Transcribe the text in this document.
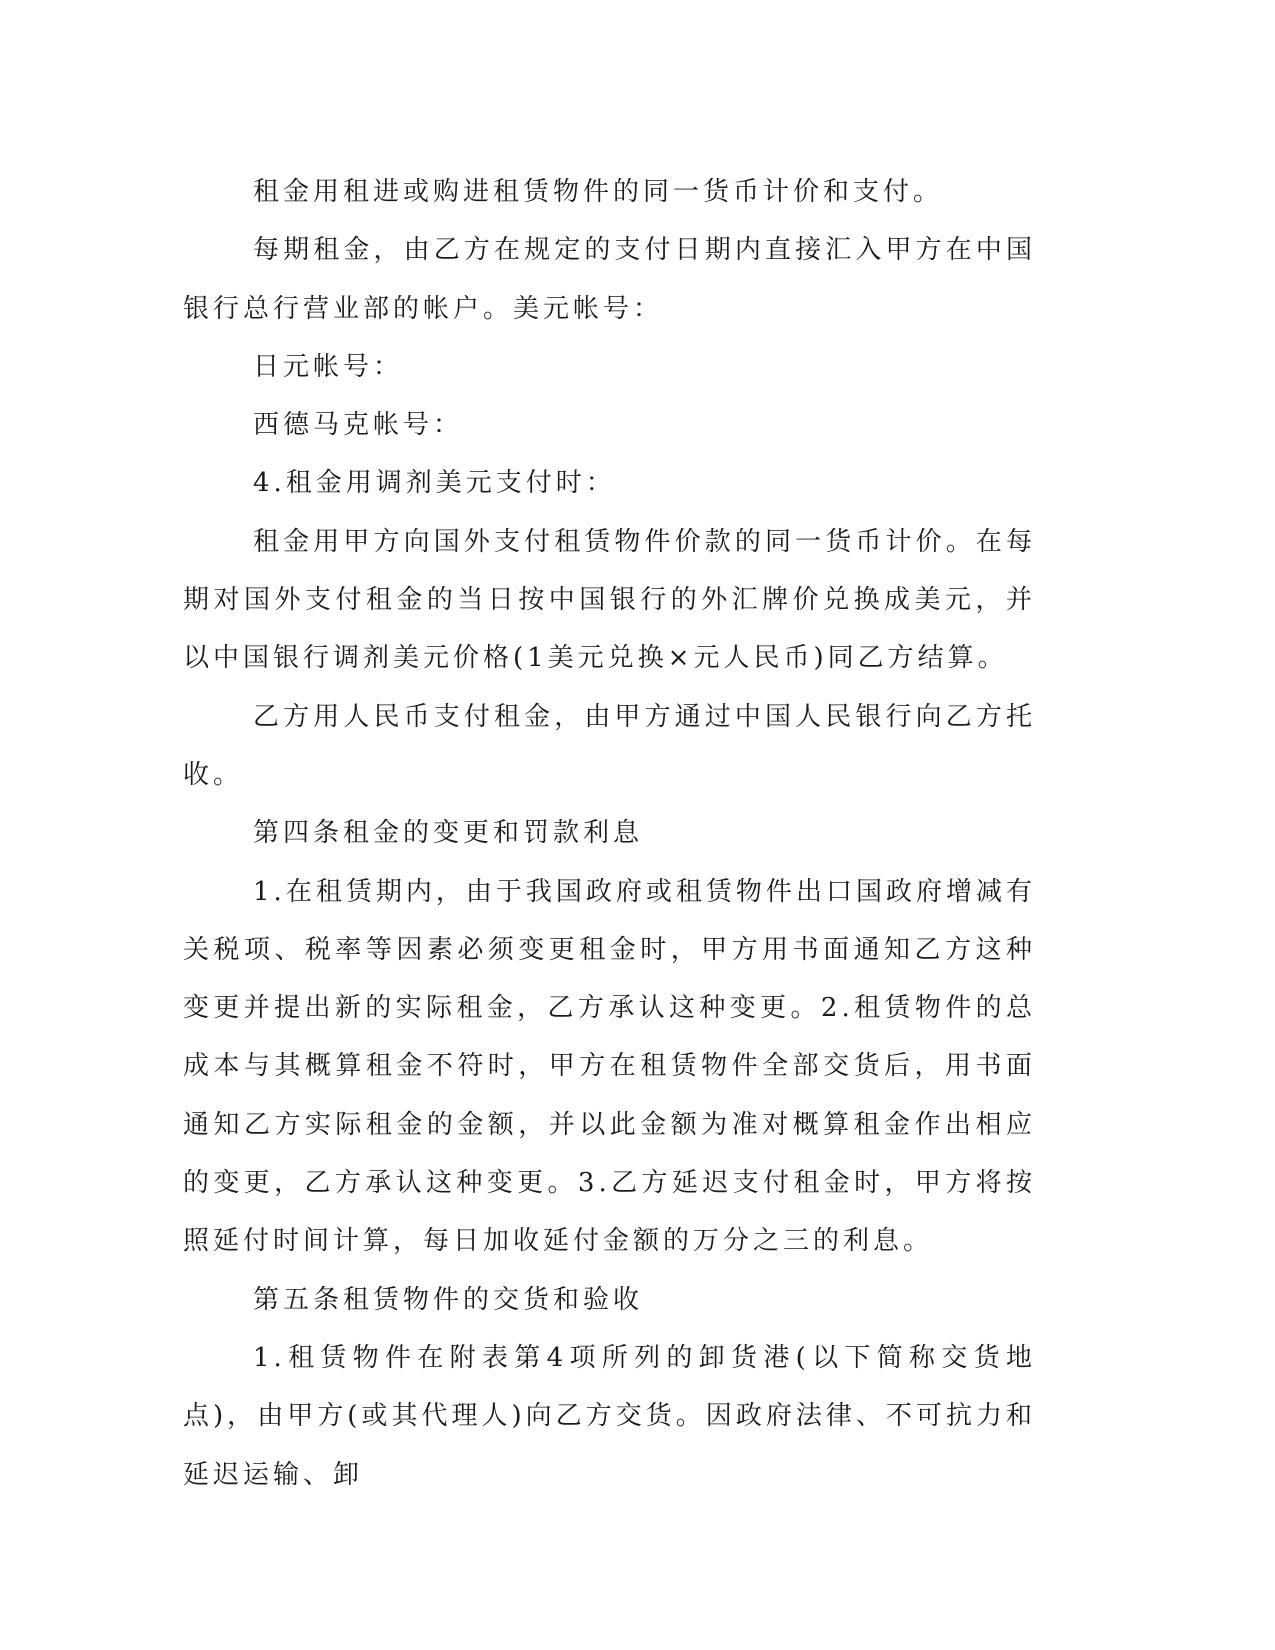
租金用租进或购进租赁物件的同一货币计价和支付。

每期租金，由乙方在规定的支付日期内直接汇入甲方在中国银行总行营业部的帐户。美元帐号：

日元帐号：

西德马克帐号：

4.租金用调剂美元支付时：

租金用甲方向国外支付租赁物件价款的同一货币计价。在每期对国外支付租金的当日按中国银行的外汇牌价兑换成美元，并以中国银行调剂美元价格(1美元兑换×元人民币)同乙方结算。

乙方用人民币支付租金，由甲方通过中国人民银行向乙方托收。

第四条租金的变更和罚款利息

1.在租赁期内，由于我国政府或租赁物件出口国政府增减有关税项、税率等因素必须变更租金时，甲方用书面通知乙方这种变更并提出新的实际租金，乙方承认这种变更。2.租赁物件的总成本与其概算租金不符时，甲方在租赁物件全部交货后，用书面通知乙方实际租金的金额，并以此金额为准对概算租金作出相应的变更，乙方承认这种变更。3.乙方延迟支付租金时，甲方将按照延付时间计算，每日加收延付金额的万分之三的利息。

第五条租赁物件的交货和验收

1.租赁物件在附表第4项所列的卸货港(以下简称交货地点)，由甲方(或其代理人)向乙方交货。因政府法律、不可抗力和延迟运输、卸
